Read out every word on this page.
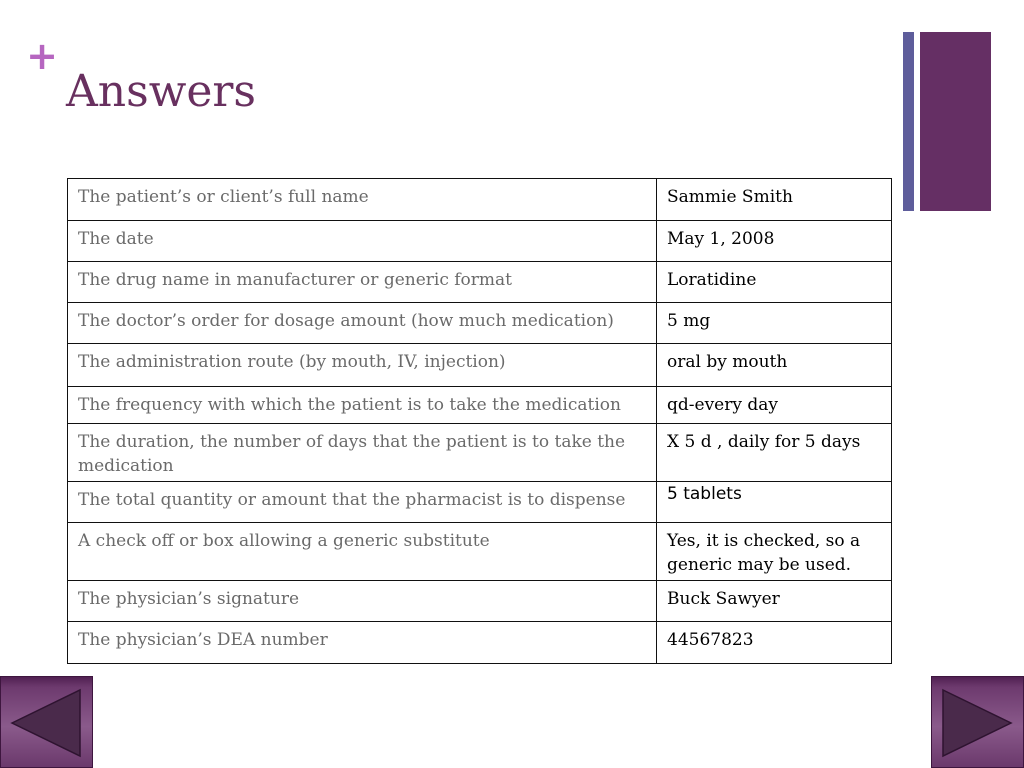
+
Answers
The patient’s or client’s full name	Sammie Smith
The date	May 1, 2008
The drug name in manufacturer or generic format	Loratidine
The doctor’s order for dosage amount (how much medication)	5 mg
The administration route (by mouth, IV, injection)	oral by mouth
The frequency with which the patient is to take the medication	qd-every day
The duration, the number of days that the patient is to take the medication	X 5 d , daily for 5 days
The total quantity or amount that the pharmacist is to dispense	5 tablets
A check off or box allowing a generic substitute	Yes, it is checked, so a generic may be used.
The physician’s signature	Buck Sawyer
The physician’s DEA number	44567823
